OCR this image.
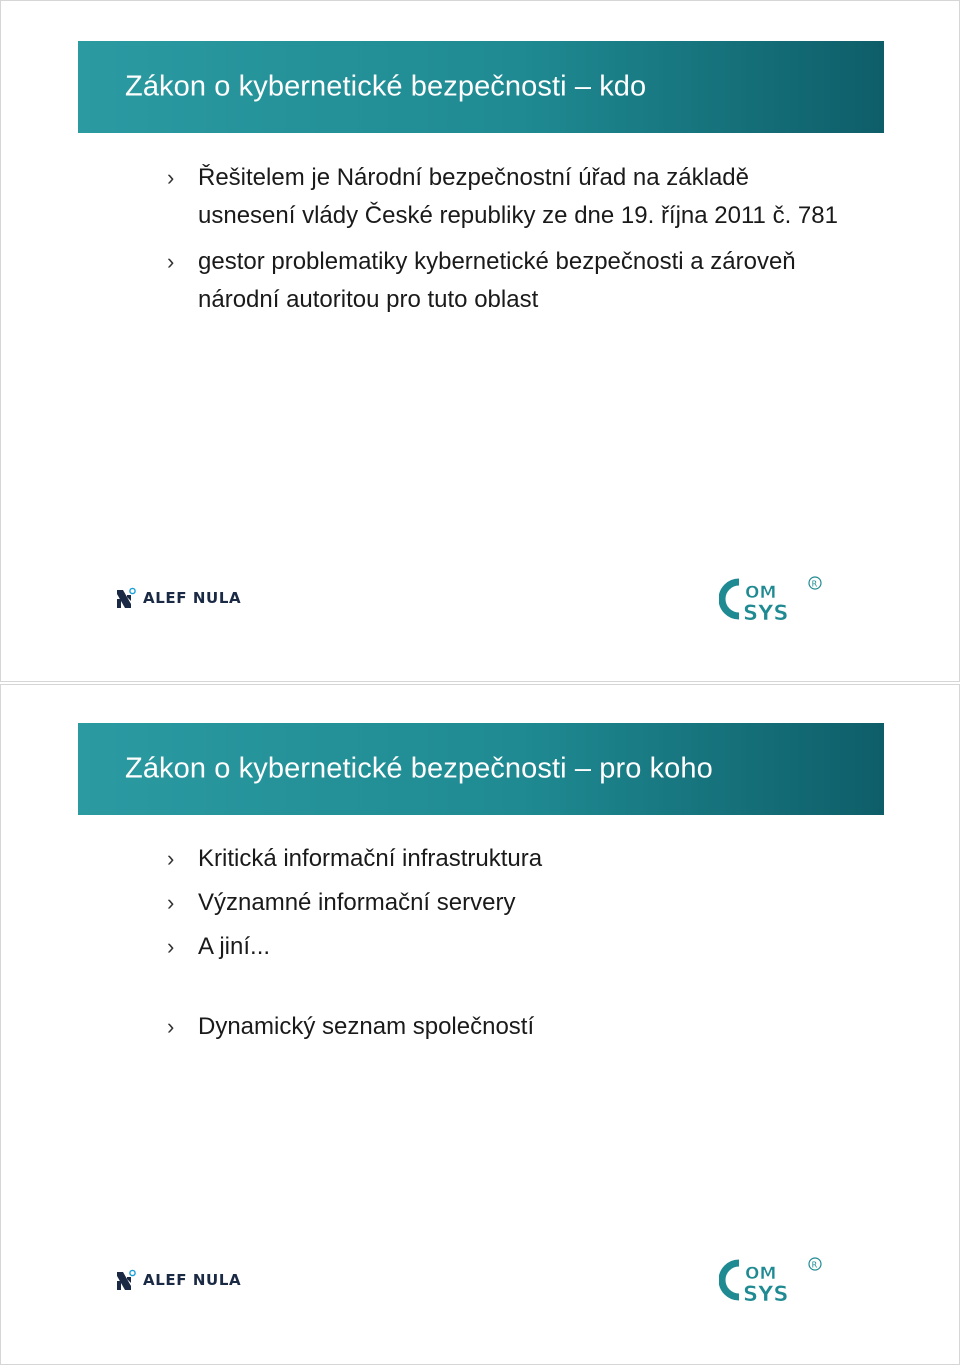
Zákon o kybernetické bezpečnosti – kdo
› Řešitelem je Národní bezpečnostní úřad na základě usnesení vlády České republiky ze dne 19. října 2011 č. 781
› gestor problematiky kybernetické bezpečnosti a zároveň národní autoritou pro tuto oblast
ALEF NULA	OM
SYS
R
Zákon o kybernetické bezpečnosti – pro koho
› Kritická informační infrastruktura
› Významné informační servery
› A jiní...
› Dynamický seznam společností
ALEF NULA	OM
SYS
R
